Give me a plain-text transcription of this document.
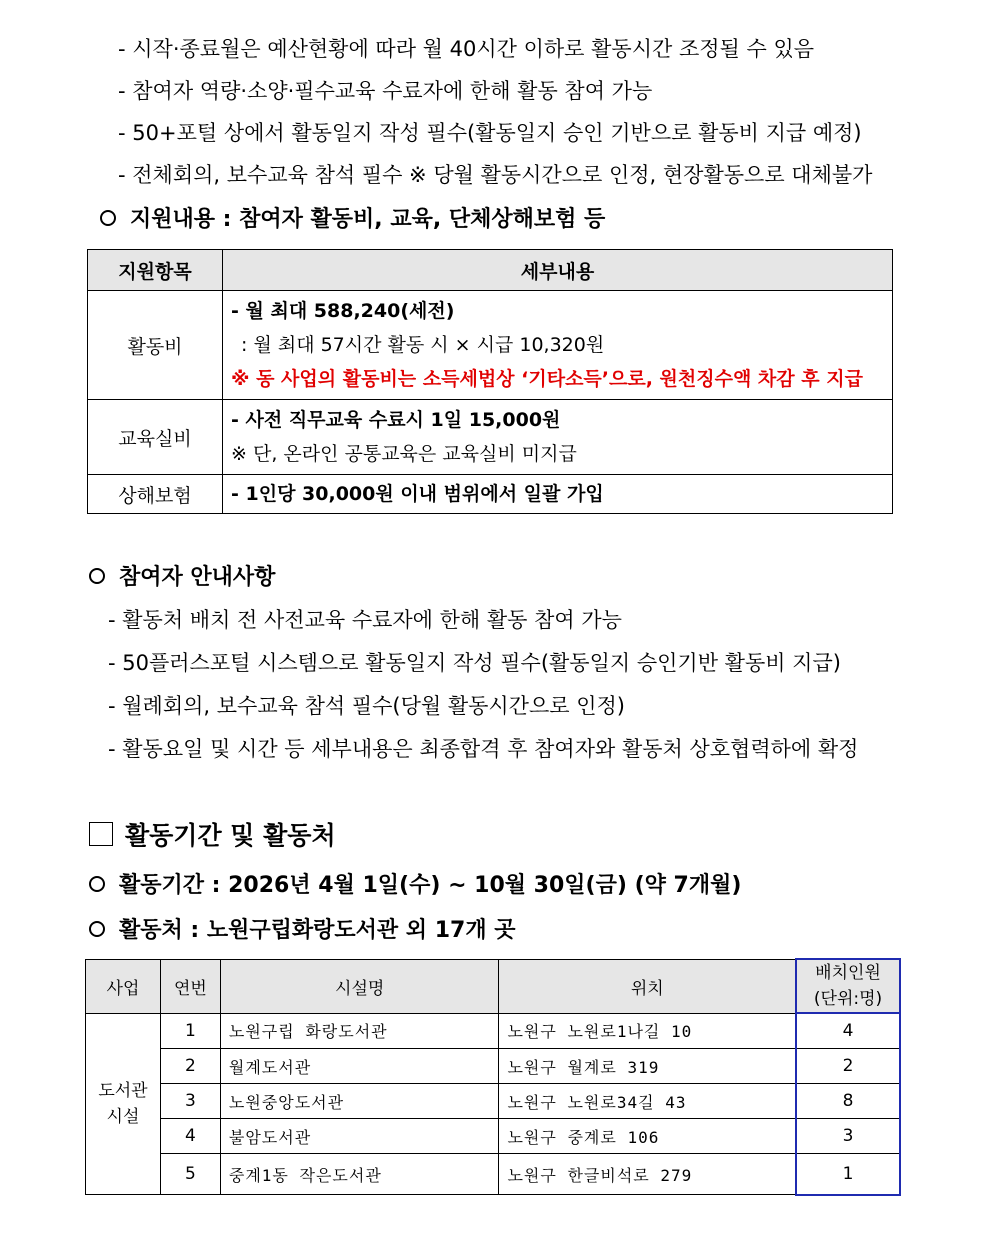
- 시작·종료월은 예산현황에 따라 월 40시간 이하로 활동시간 조정될 수 있음
- 참여자 역량·소양·필수교육 수료자에 한해 활동 참여 가능
- 50+포털 상에서 활동일지 작성 필수(활동일지 승인 기반으로 활동비 지급 예정)
- 전체회의, 보수교육 참석 필수 ※ 당월 활동시간으로 인정, 현장활동으로 대체불가
지원내용 : 참여자 활동비, 교육, 단체상해보험 등
지원항목	세부내용
활동비	- 월 최대 588,240(세전)
: 월 최대 57시간 활동 시 × 시급 10,320원
※ 동 사업의 활동비는 소득세법상 ‘기타소득’으로, 원천징수액 차감 후 지급

교육실비	- 사전 직무교육 수료시 1일 15,000원
※ 단, 온라인 공통교육은 교육실비 미지급

상해보험	- 1인당 30,000원 이내 범위에서 일괄 가입
참여자 안내사항
- 활동처 배치 전 사전교육 수료자에 한해 활동 참여 가능
- 50플러스포털 시스템으로 활동일지 작성 필수(활동일지 승인기반 활동비 지급)
- 월례회의, 보수교육 참석 필수(당월 활동시간으로 인정)
- 활동요일 및 시간 등 세부내용은 최종합격 후 참여자와 활동처 상호협력하에 확정
활동기간 및 활동처
활동기간 : 2026년 4월 1일(수) ~ 10월 30일(금) (약 7개월)
활동처 : 노원구립화랑도서관 외 17개 곳
사업	연번	시설명	위치	배치인원
(단위:명)

도서관
시설	1	노원구립 화랑도서관	노원구 노원로1나길 10	4
	2	월계도서관	노원구 월계로 319	2
	3	노원중앙도서관	노원구 노원로34길 43	8
	4	불암도서관	노원구 중계로 106	3
	5	중계1동 작은도서관	노원구 한글비석로 279	1
